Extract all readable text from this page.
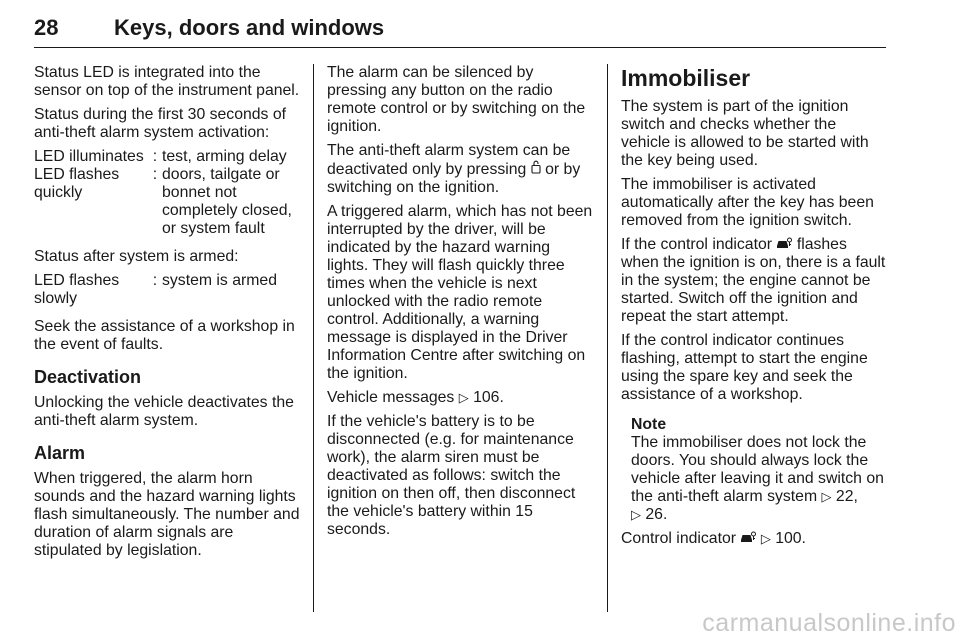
28	Keys, doors and windows

Status LED is integrated into the sensor on top of the instrument panel.

Status during the first 30 seconds of anti-theft alarm system activation:

LED illuminates : test, arming delay
LED flashes quickly
: doors, tailgate or bonnet not completely closed, or system fault

Status after system is armed:

LED flashes slowly
: system is armed

Seek the assistance of a workshop in the event of faults.

Deactivation

Unlocking the vehicle deactivates the anti-theft alarm system.

Alarm

When triggered, the alarm horn sounds and the hazard warning lights flash simultaneously. The number and duration of alarm signals are stipulated by legislation.

The alarm can be silenced by pressing any button on the radio remote control or by switching on the ignition.

The anti-theft alarm system can be deactivated only by pressing or by switching on the ignition.

A triggered alarm, which has not been interrupted by the driver, will be indicated by the hazard warning lights. They will flash quickly three times when the vehicle is next unlocked with the radio remote control. Additionally, a warning message is displayed in the Driver Information Centre after switching on the ignition.

Vehicle messages ▷ 106.

If the vehicle's battery is to be disconnected (e.g. for maintenance work), the alarm siren must be deactivated as follows: switch the ignition on then off, then disconnect the vehicle's battery within 15 seconds.

Immobiliser

The system is part of the ignition switch and checks whether the vehicle is allowed to be started with the key being used.

The immobiliser is activated automatically after the key has been removed from the ignition switch.

If the control indicator flashes when the ignition is on, there is a fault in the system; the engine cannot be started. Switch off the ignition and repeat the start attempt.

If the control indicator continues flashing, attempt to start the engine using the spare key and seek the assistance of a workshop.

Note
The immobiliser does not lock the doors. You should always lock the vehicle after leaving it and switch on the anti-theft alarm system ▷ 22,
▷ 26.

Control indicator ▷ 100.

carmanualsonline.info
